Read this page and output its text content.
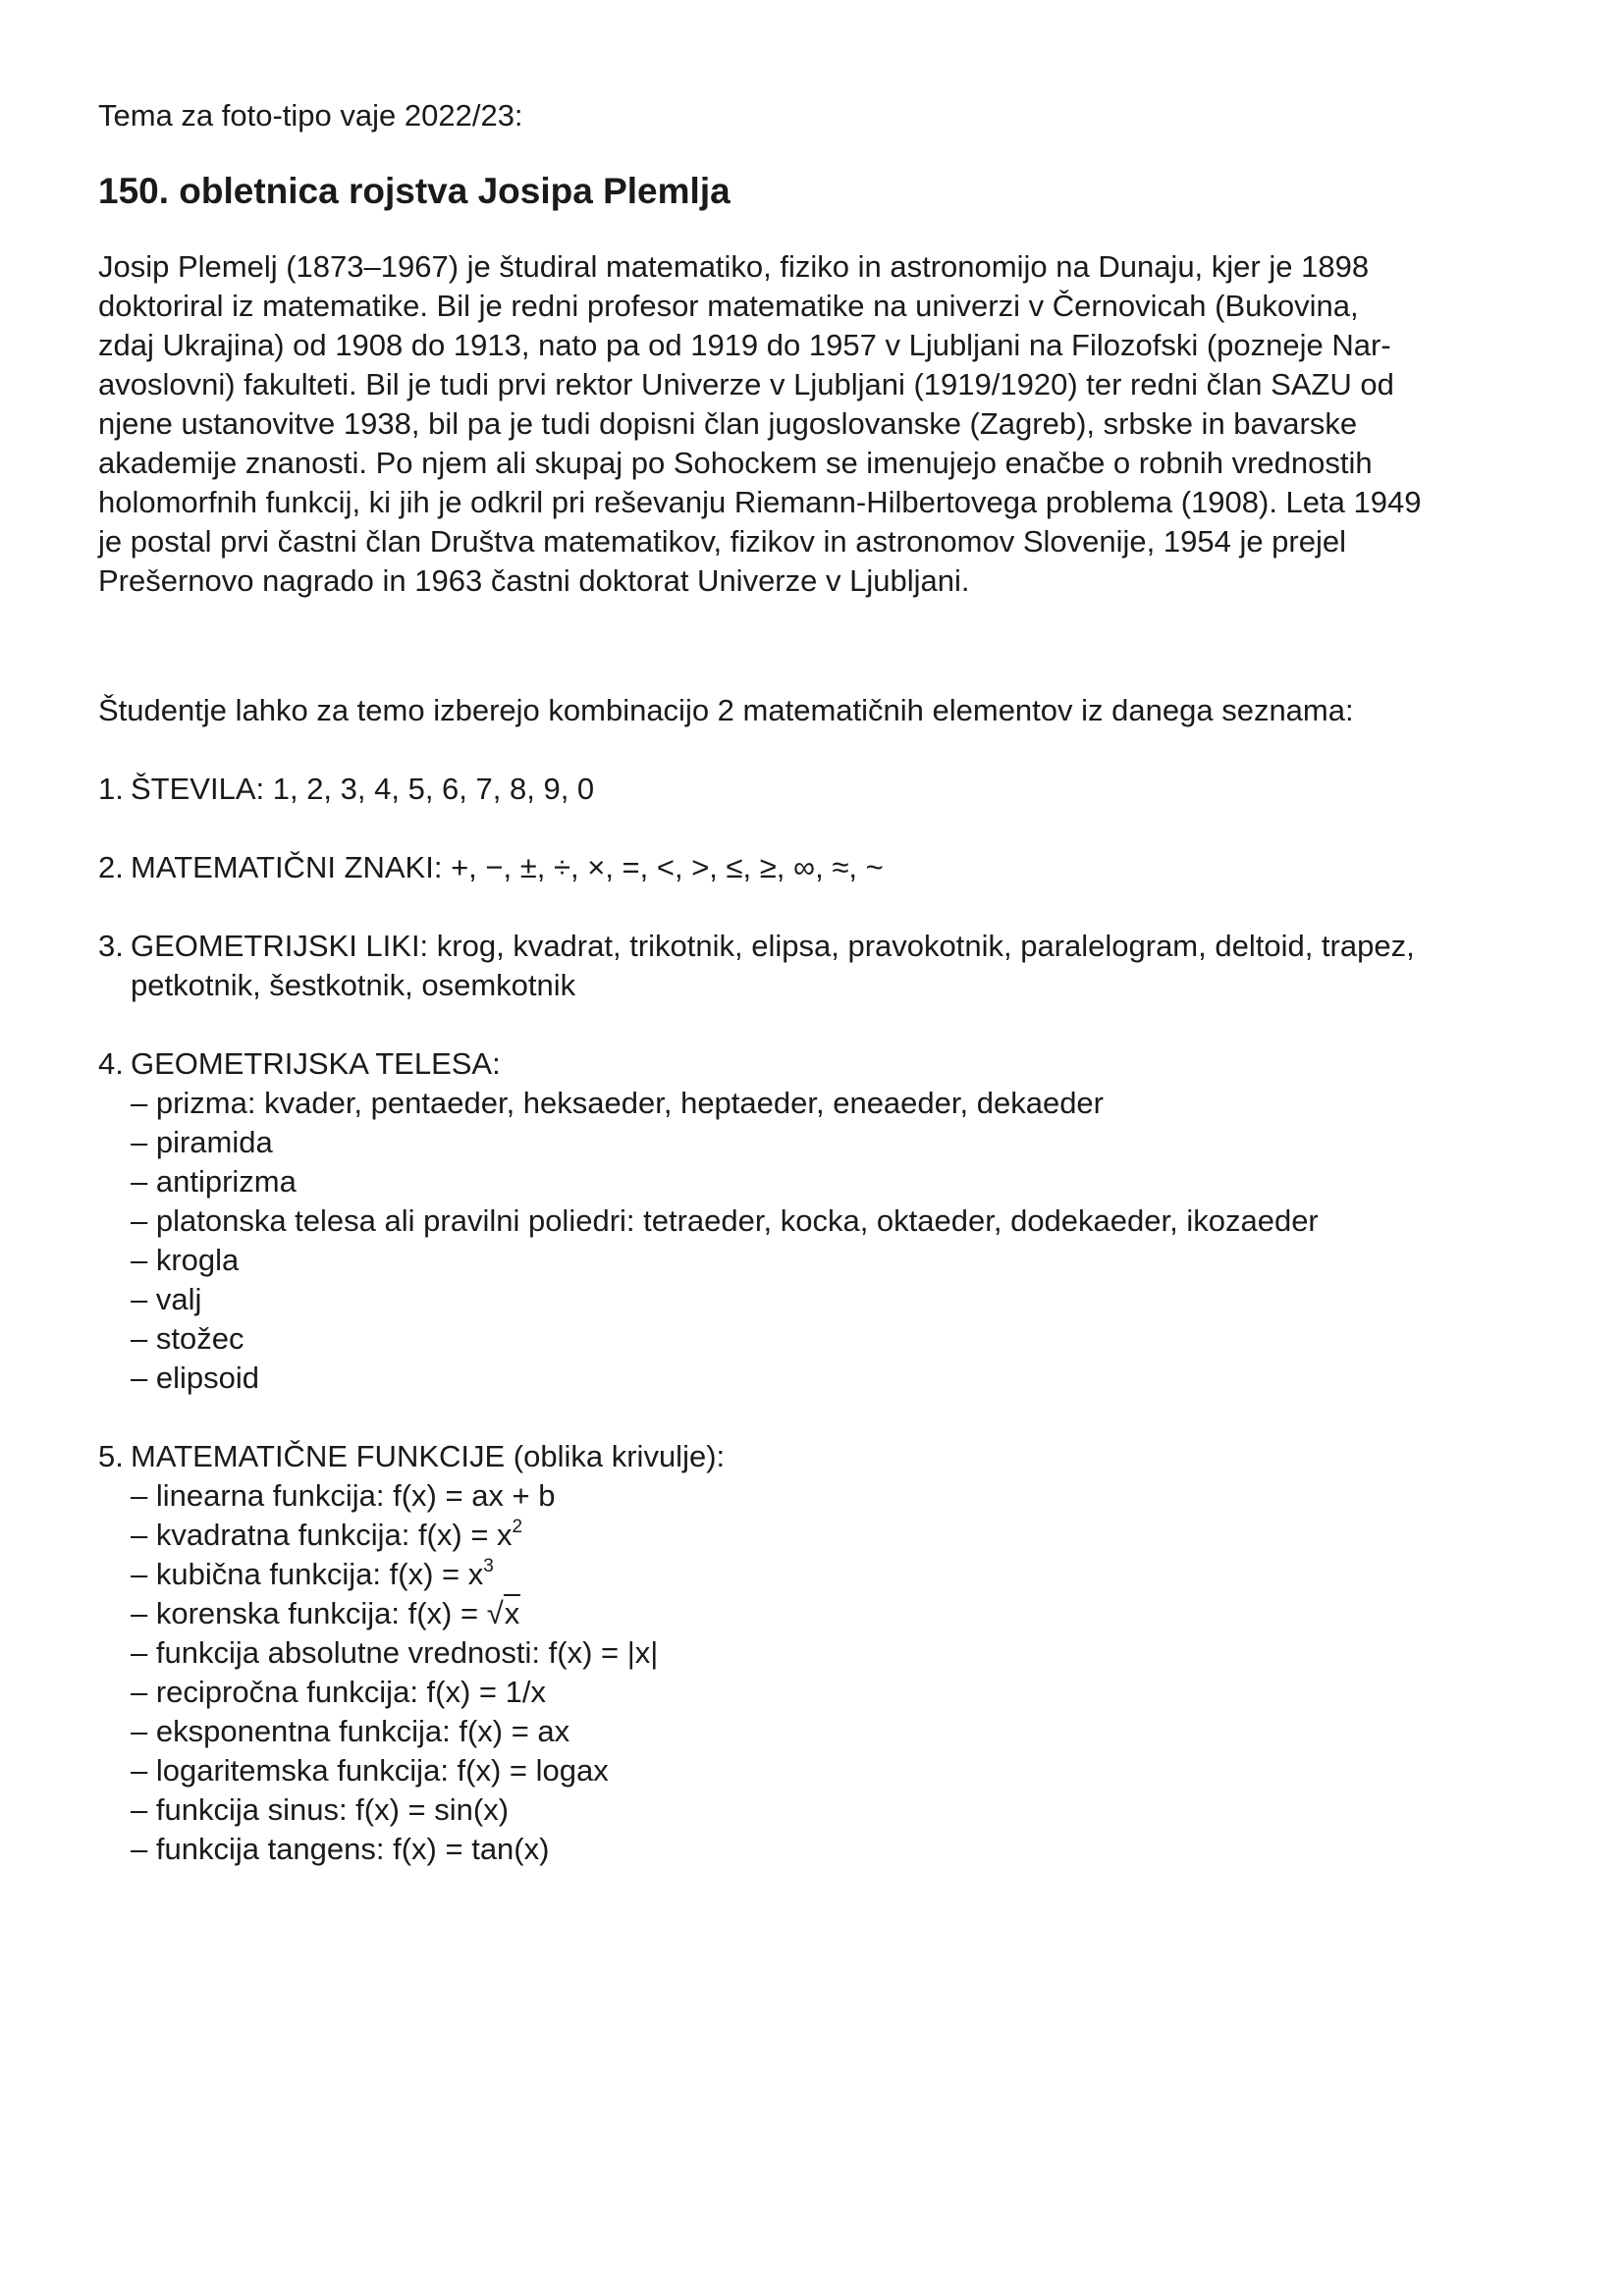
Tema za foto-tipo vaje 2022/23:

150. obletnica rojstva Josipa Plemlja

Josip Plemelj (1873–1967) je študiral matematiko, fiziko in astronomijo na Dunaju, kjer je 1898
doktoriral iz matematike. Bil je redni profesor matematike na univerzi v Černovicah (Bukovina,
zdaj Ukrajina) od 1908 do 1913, nato pa od 1919 do 1957 v Ljubljani na Filozofski (pozneje Nar-
avoslovni) fakulteti. Bil je tudi prvi rektor Univerze v Ljubljani (1919/1920) ter redni član SAZU od
njene ustanovitve 1938, bil pa je tudi dopisni član jugoslovanske (Zagreb), srbske in bavarske
akademije znanosti. Po njem ali skupaj po Sohockem se imenujejo enačbe o robnih vrednostih
holomorfnih funkcij, ki jih je odkril pri reševanju Riemann-Hilbertovega problema (1908). Leta 1949
je postal prvi častni član Društva matematikov, fizikov in astronomov Slovenije, 1954 je prejel
Prešernovo nagrado in 1963 častni doktorat Univerze v Ljubljani.

Študentje lahko za temo izberejo kombinacijo 2 matematičnih elementov iz danega seznama:

1. ŠTEVILA: 1, 2, 3, 4, 5, 6, 7, 8, 9, 0
2. MATEMATIČNI ZNAKI: +, −, ±, ÷, ×, =, <, >, ≤, ≥, ∞, ≈, ~
3. GEOMETRIJSKI LIKI: krog, kvadrat, trikotnik, elipsa, pravokotnik, paralelogram, deltoid, trapez,
petkotnik, šestkotnik, osemkotnik
4. GEOMETRIJSKA TELESA:
– prizma: kvader, pentaeder, heksaeder, heptaeder, eneaeder, dekaeder
– piramida
– antiprizma
– platonska telesa ali pravilni poliedri: tetraeder, kocka, oktaeder, dodekaeder, ikozaeder
– krogla
– valj
– stožec
– elipsoid
5. MATEMATIČNE FUNKCIJE (oblika krivulje):
– linearna funkcija: f(x) = ax + b
– kvadratna funkcija: $f(x) = x^2$
– kubična funkcija: $f(x) = x^3$
– korenska funkcija: f(x) = √x
– funkcija absolutne vrednosti: f(x) = |x|
– recipročna funkcija: f(x) = 1/x
– eksponentna funkcija: f(x) = ax
– logaritemska funkcija: f(x) = logax
– funkcija sinus: f(x) = sin(x)
– funkcija tangens: f(x) = tan(x)
